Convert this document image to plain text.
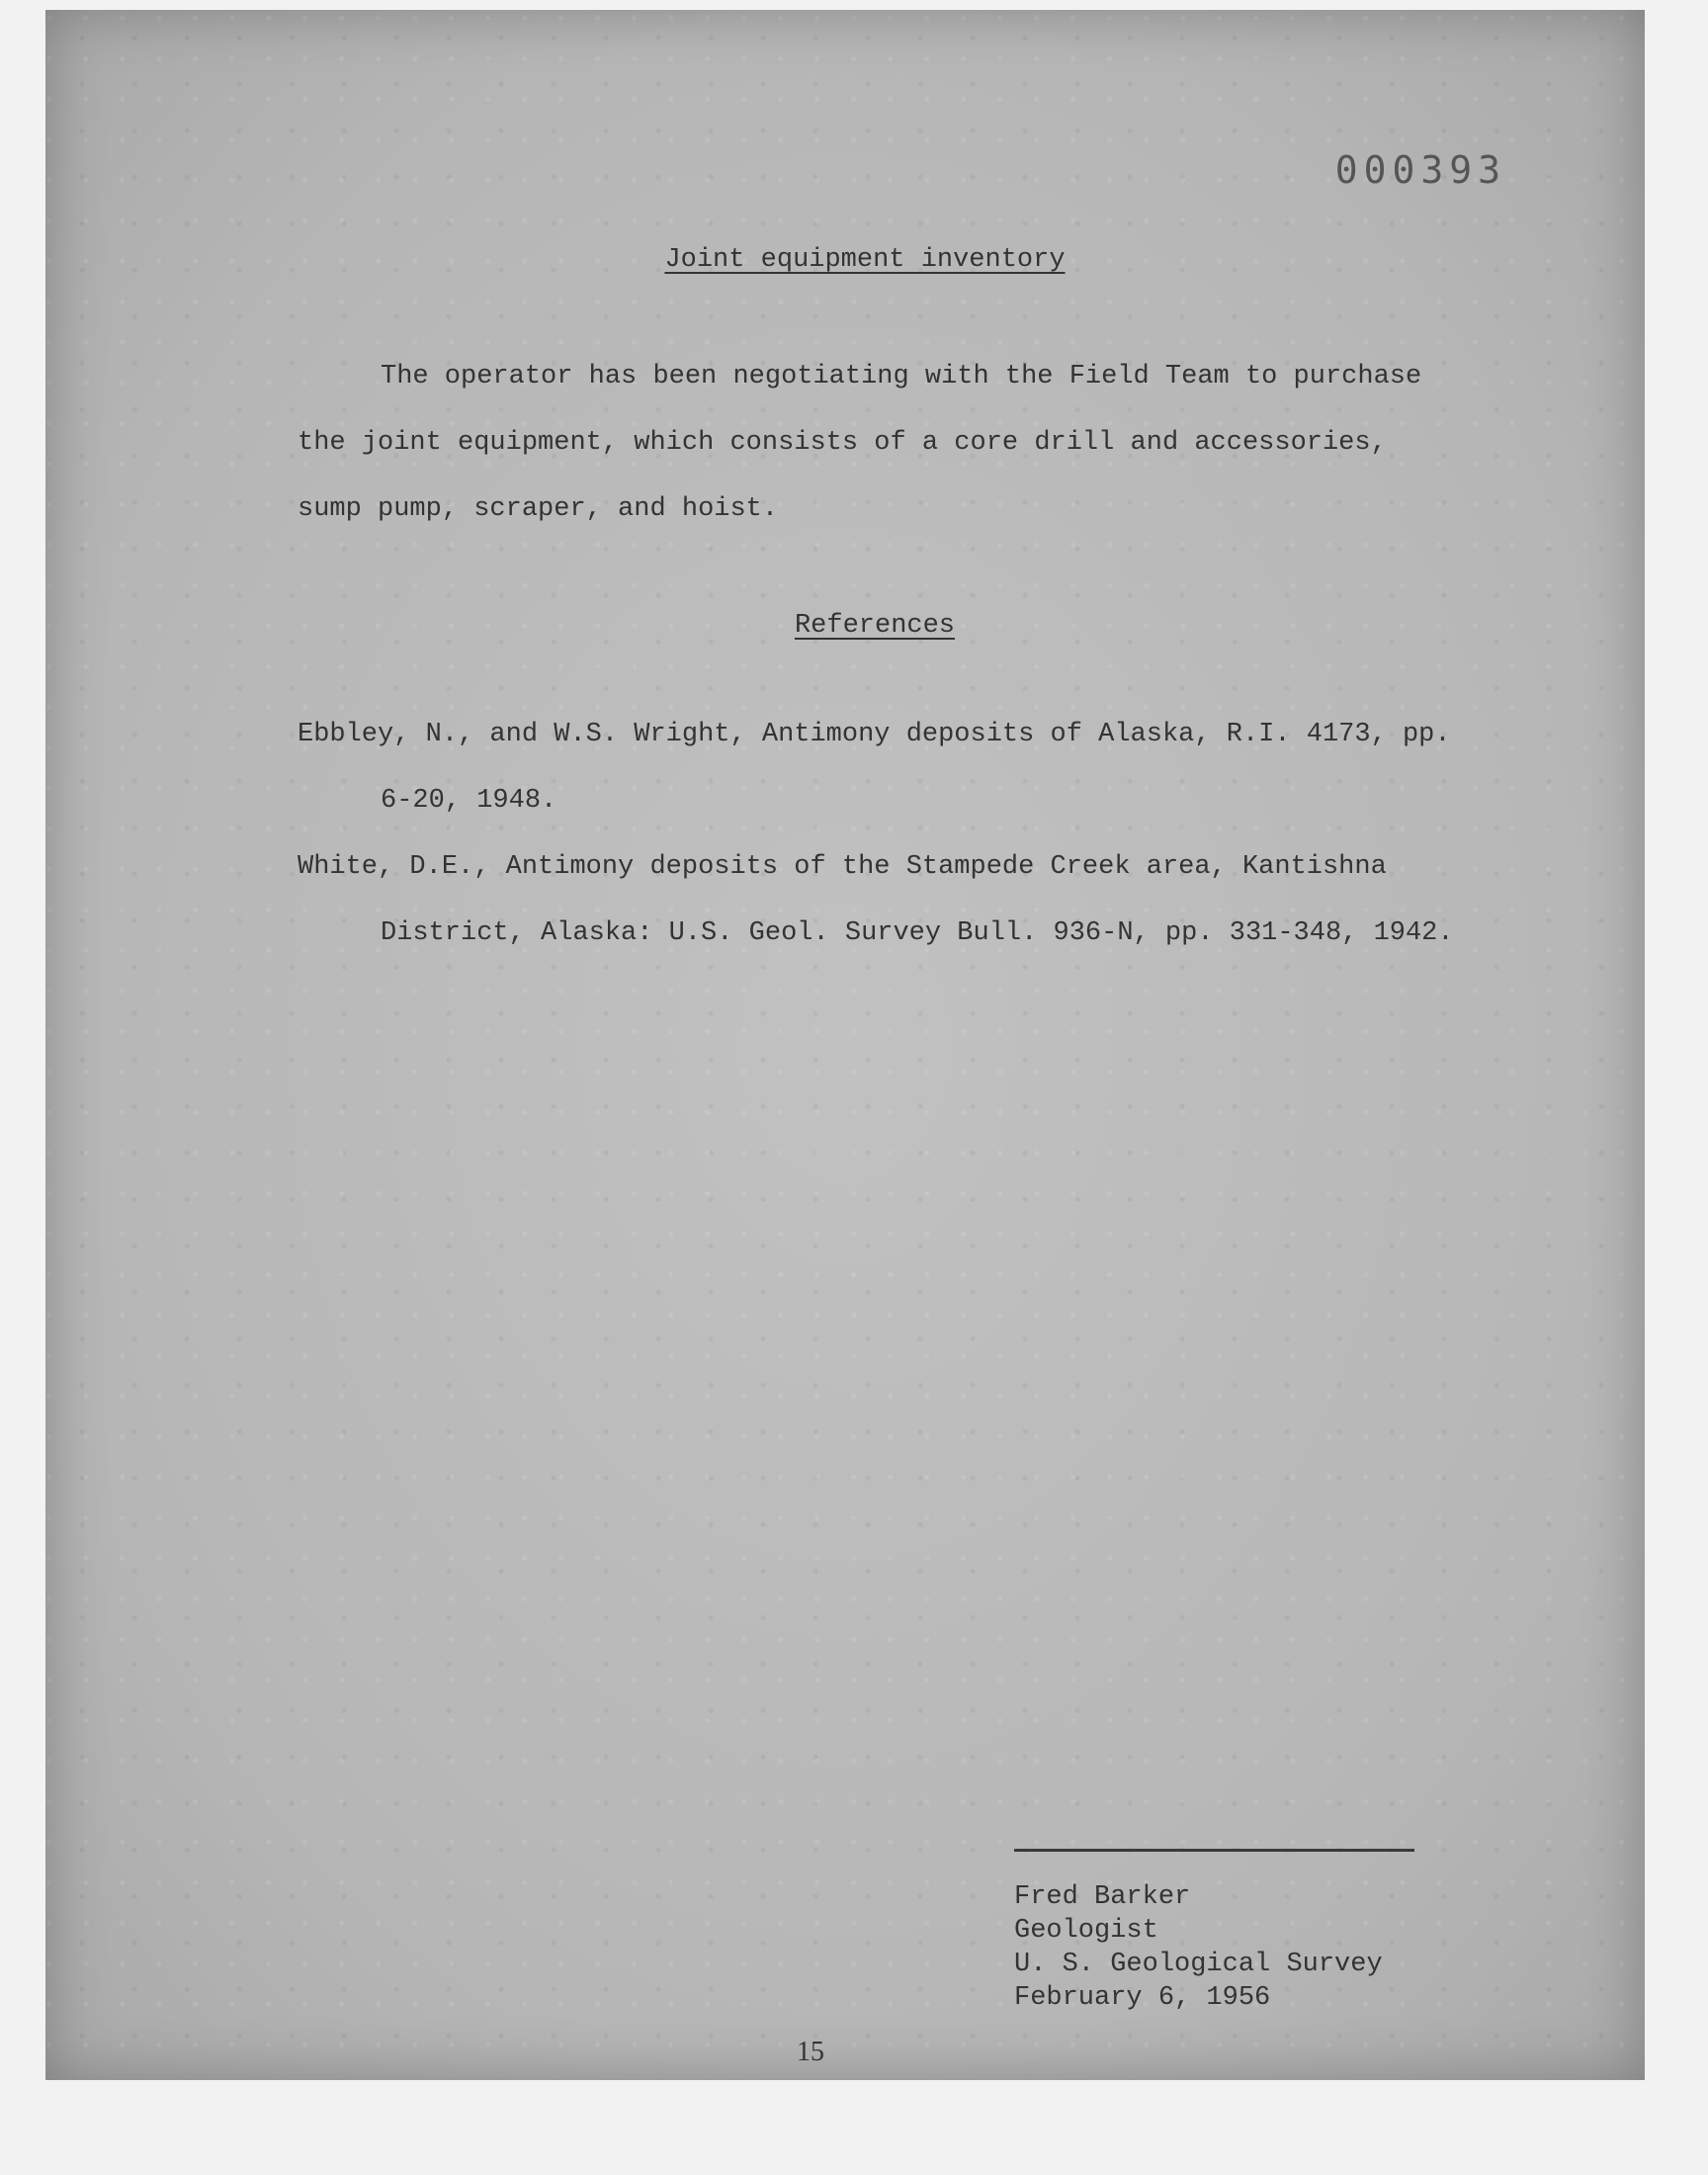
000393
Joint equipment inventory

The operator has been negotiating with the Field Team to purchase the joint equipment, which consists of a core drill and accessories, sump pump, scraper, and hoist.

References
Ebbley, N., and W.S. Wright, Antimony deposits of Alaska, R.I. 4173, pp. 6-20, 1948.
White, D.E., Antimony deposits of the Stampede Creek area, Kantishna District, Alaska: U.S. Geol. Survey Bull. 936-N, pp. 331-348, 1942.
Fred Barker
Geologist
U. S. Geological Survey
February 6, 1956
15
